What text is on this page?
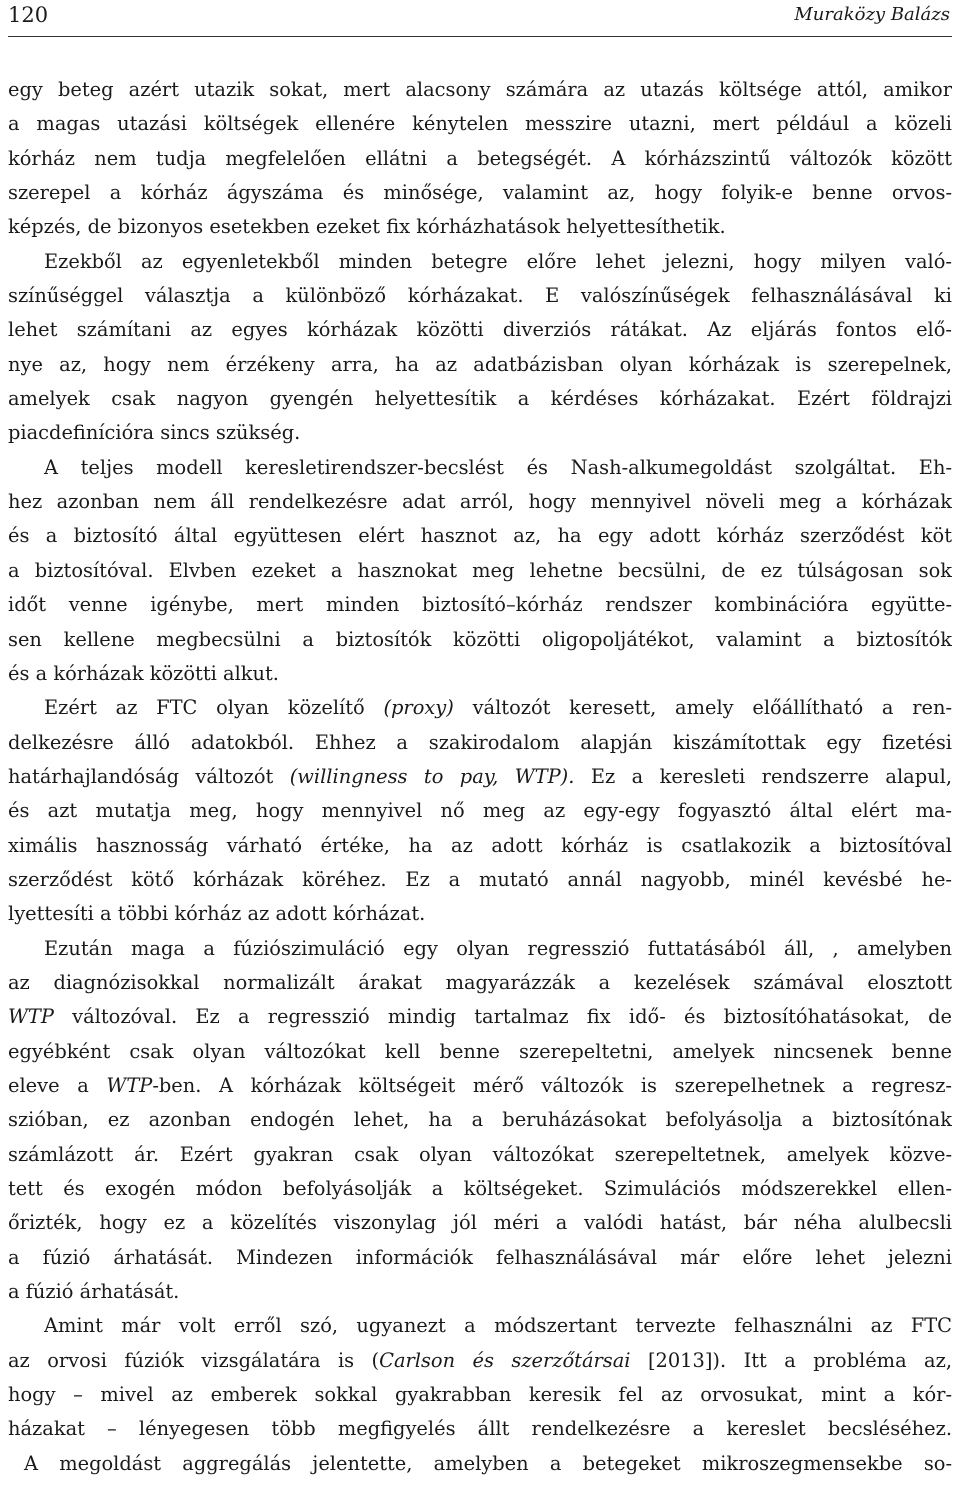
120	Muraközy Balázs
egy beteg azért utazik sokat, mert alacsony számára az utazás költsége attól, amikor
a magas utazási költségek ellenére kénytelen messzire utazni, mert például a közeli
kórház nem tudja megfelelően ellátni a betegségét. A kórházszintű változók között
szerepel a kórház ágyszáma és minősége, valamint az, hogy folyik-e benne orvos-
képzés, de bizonyos esetekben ezeket fix kórházhatások helyettesíthetik.
Ezekből az egyenletekből minden betegre előre lehet jelezni, hogy milyen való-
színűséggel választja a különböző kórházakat. E valószínűségek felhasználásával ki
lehet számítani az egyes kórházak közötti diverziós rátákat. Az eljárás fontos elő-
nye az, hogy nem érzékeny arra, ha az adatbázisban olyan kórházak is szerepelnek,
amelyek csak nagyon gyengén helyettesítik a kérdéses kórházakat. Ezért földrajzi
piacdefinícióra sincs szükség.
A teljes modell keresletirendszer-becslést és Nash-alkumegoldást szolgáltat. Eh-
hez azonban nem áll rendelkezésre adat arról, hogy mennyivel növeli meg a kórházak
és a biztosító által együttesen elért hasznot az, ha egy adott kórház szerződést köt
a biztosítóval. Elvben ezeket a hasznokat meg lehetne becsülni, de ez túlságosan sok
időt venne igénybe, mert minden biztosító–kórház rendszer kombinációra együtte-
sen kellene megbecsülni a biztosítók közötti oligopoljátékot, valamint a biztosítók
és a kórházak közötti alkut.
Ezért az FTC olyan közelítő (proxy) változót keresett, amely előállítható a ren-
delkezésre álló adatokból. Ehhez a szakirodalom alapján kiszámítottak egy fizetési
határhajlandóság változót (willingness to pay, WTP). Ez a keresleti rendszerre alapul,
és azt mutatja meg, hogy mennyivel nő meg az egy-egy fogyasztó által elért ma-
ximális hasznosság várható értéke, ha az adott kórház is csatlakozik a biztosítóval
szerződést kötő kórházak köréhez. Ez a mutató annál nagyobb, minél kevésbé he-
lyettesíti a többi kórház az adott kórházat.
Ezután maga a fúziószimuláció egy olyan regresszió futtatásából áll, , amelyben
az diagnózisokkal normalizált árakat magyarázzák a kezelések számával elosztott
WTP változóval. Ez a regresszió mindig tartalmaz fix idő- és biztosítóhatásokat, de
egyébként csak olyan változókat kell benne szerepeltetni, amelyek nincsenek benne
eleve a WTP-ben. A kórházak költségeit mérő változók is szerepelhetnek a regresz-
szióban, ez azonban endogén lehet, ha a beruházásokat befolyásolja a biztosítónak
számlázott ár. Ezért gyakran csak olyan változókat szerepeltetnek, amelyek közve-
tett és exogén módon befolyásolják a költségeket. Szimulációs módszerekkel ellen-
őrizték, hogy ez a közelítés viszonylag jól méri a valódi hatást, bár néha alulbecsli
a fúzió árhatását. Mindezen információk felhasználásával már előre lehet jelezni
a fúzió árhatását.
Amint már volt erről szó, ugyanezt a módszertant tervezte felhasználni az FTC
az orvosi fúziók vizsgálatára is (Carlson és szerzőtársai [2013]). Itt a probléma az,
hogy – mivel az emberek sokkal gyakrabban keresik fel az orvosukat, mint a kór-
házakat – lényegesen több megfigyelés állt rendelkezésre a kereslet becsléséhez.
A megoldást aggregálás jelentette, amelyben a betegeket mikroszegmensekbe so-
